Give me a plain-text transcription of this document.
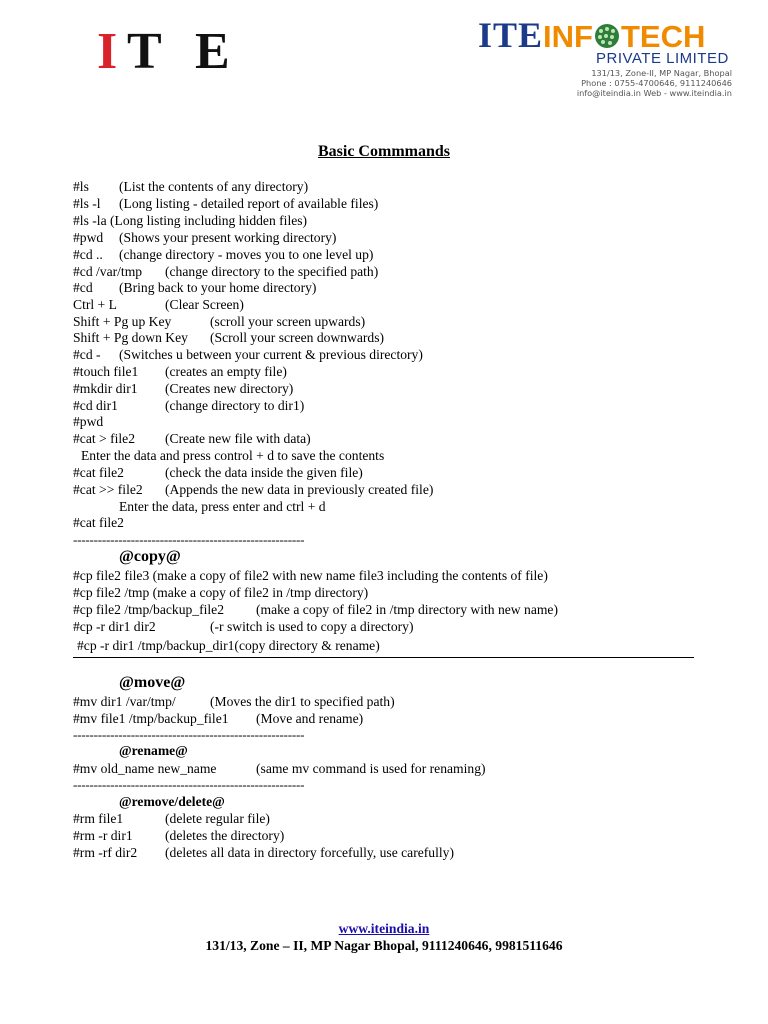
I T E	ITEINF TECH
PRIVATE LIMITED
131/13, Zone-II, MP Nagar, Bhopal
Phone : 0755-4700646, 9111240646
info@iteindia.in Web - www.iteindia.in
Basic Commmands
#ls (List the contents of any directory)
#ls -l (Long listing - detailed report of available files)
#ls -la (Long listing including hidden files)
#pwd (Shows your present working directory)
#cd .. (change directory - moves you to one level up)
#cd /var/tmp (change directory to the specified path)
#cd (Bring back to your home directory)
Ctrl + L	(Clear Screen)
Shift + Pg up Key	(scroll your screen upwards)
Shift + Pg down Key (Scroll your screen downwards)
#cd - (Switches u between your current & previous directory)
#touch file1 (creates an empty file)
#mkdir dir1 (Creates new directory)
#cd dir1	(change directory to dir1)
#pwd
#cat > file2 (Create new file with data)
Enter the data and press control + d to save the contents
#cat file2	(check the data inside the given file)
#cat >> file2 (Appends the new data in previously created file)
Enter the data, press enter and ctrl + d
#cat file2
--------------------------------------------------------
@copy@
#cp file2 file3 (make a copy of file2 with new name file3 including the contents of file)
#cp file2 /tmp (make a copy of file2 in /tmp directory)
#cp file2 /tmp/backup_file2 (make a copy of file2 in /tmp directory with new name)
#cp -r dir1 dir2	(-r switch is used to copy a directory)
#cp -r dir1 /tmp/backup_dir1(copy directory & rename)
@move@
#mv dir1 /var/tmp/	(Moves the dir1 to specified path)
#mv file1 /tmp/backup_file1 (Move and rename)
--------------------------------------------------------
@rename@
#mv old_name new_name	(same mv command is used for renaming)
--------------------------------------------------------
@remove/delete@
#rm file1	(delete regular file)
#rm -r dir1 (deletes the directory)
#rm -rf dir2 (deletes all data in directory forcefully, use carefully)
www.iteindia.in
131/13, Zone – II, MP Nagar Bhopal, 9111240646, 9981511646
